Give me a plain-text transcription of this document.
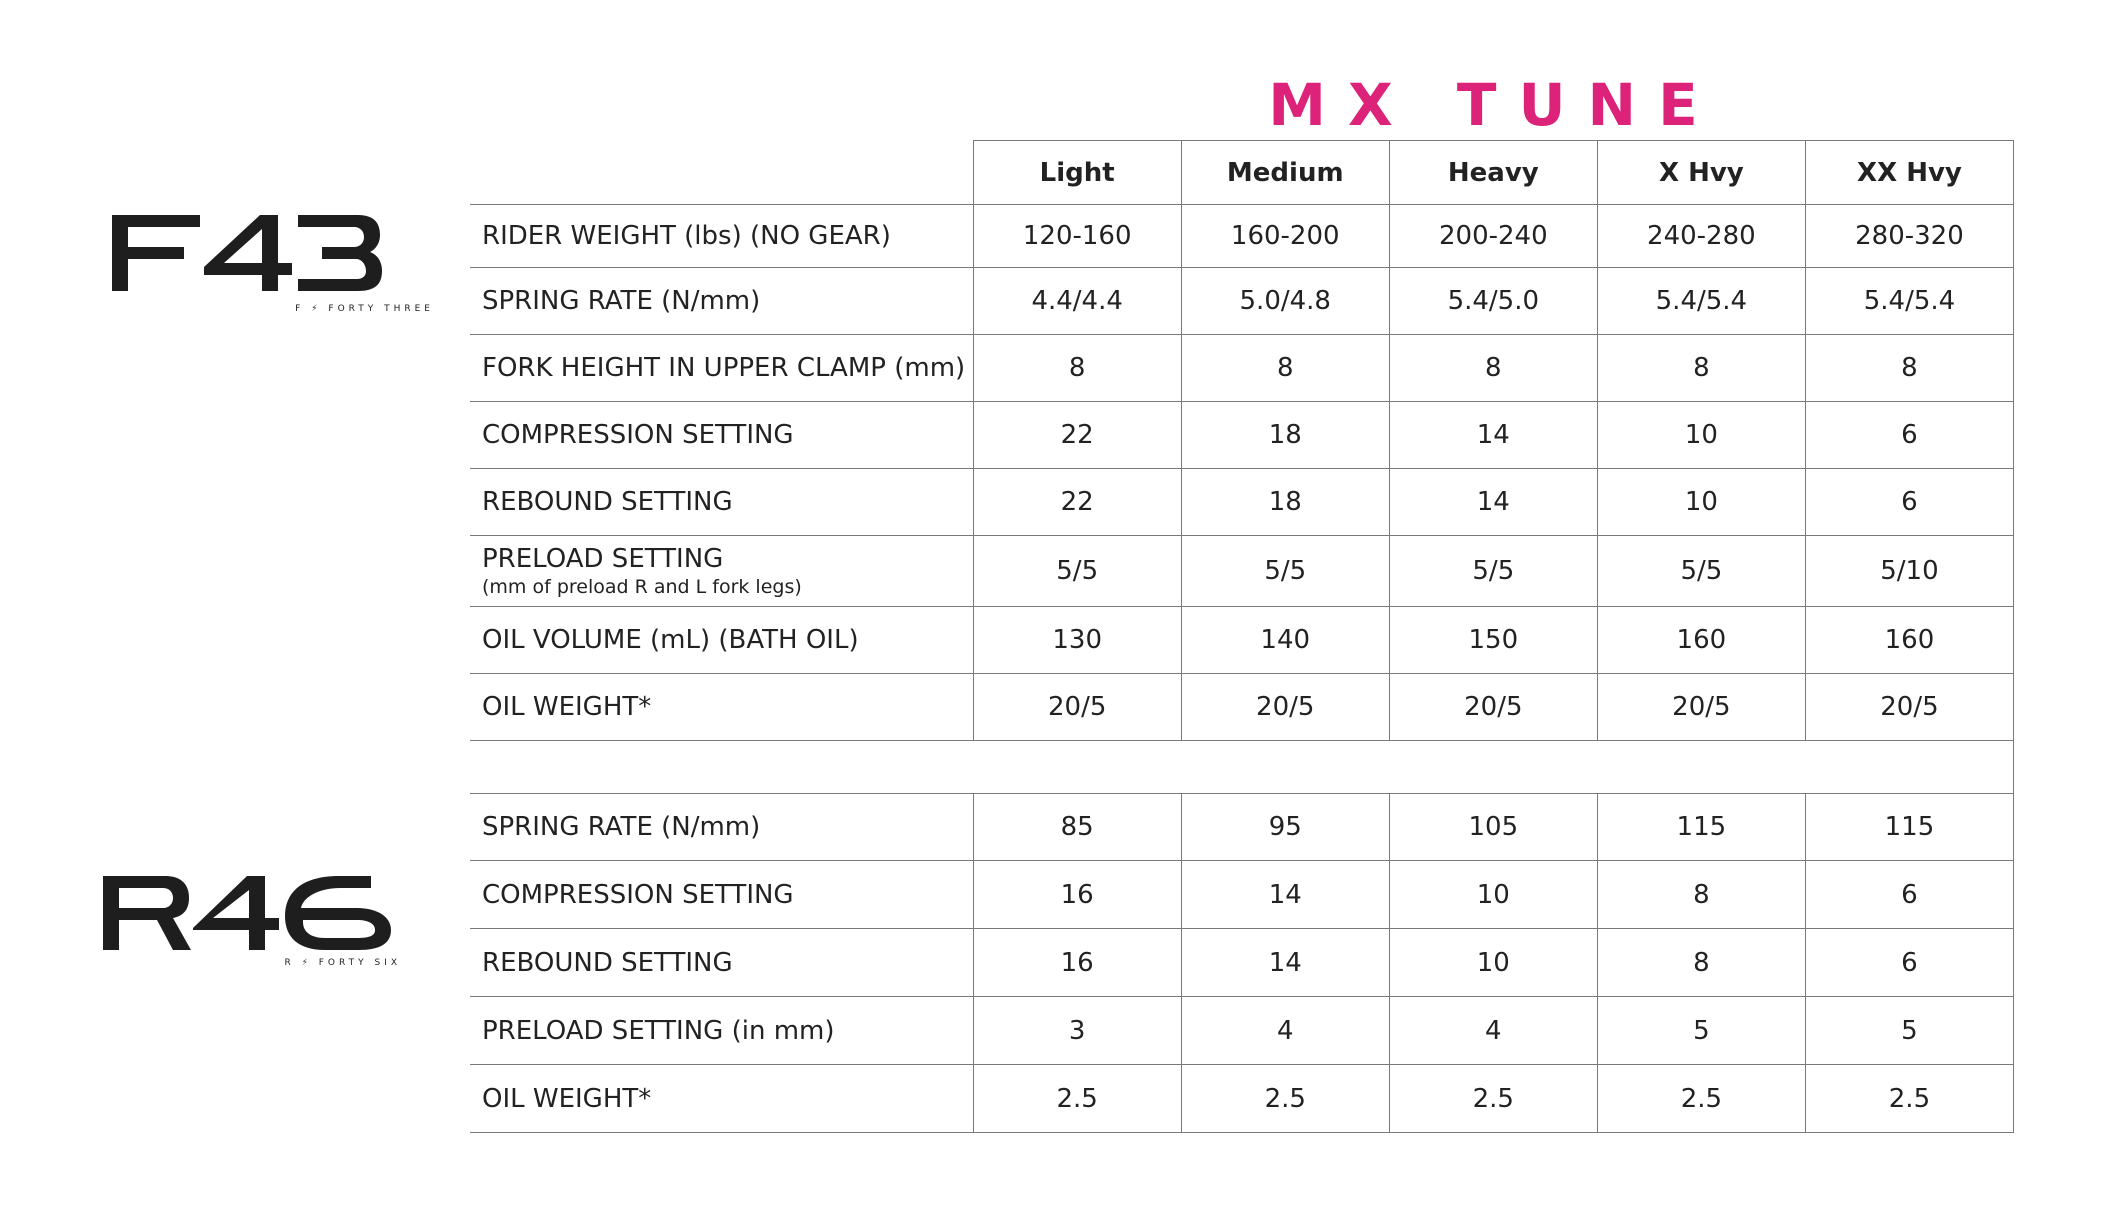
MX TUNE
F ⚡ FORTY THREE
R ⚡ FORTY SIX
	Light	Medium	Heavy	X Hvy	XX Hvy
RIDER WEIGHT (lbs) (NO GEAR)	120-160	160-200	200-240	240-280	280-320
SPRING RATE (N/mm)	4.4/4.4	5.0/4.8	5.4/5.0	5.4/5.4	5.4/5.4
FORK HEIGHT IN UPPER CLAMP (mm)	8	8	8	8	8
COMPRESSION SETTING	22	18	14	10	6
REBOUND SETTING	22	18	14	10	6
PRELOAD SETTING
(mm of preload R and L fork legs)	5/5	5/5	5/5	5/5	5/10
OIL VOLUME (mL) (BATH OIL)	130	140	150	160	160
OIL WEIGHT*	20/5	20/5	20/5	20/5	20/5

SPRING RATE (N/mm)	85	95	105	115	115
COMPRESSION SETTING	16	14	10	8	6
REBOUND SETTING	16	14	10	8	6
PRELOAD SETTING (in mm)	3	4	4	5	5
OIL WEIGHT*	2.5	2.5	2.5	2.5	2.5
